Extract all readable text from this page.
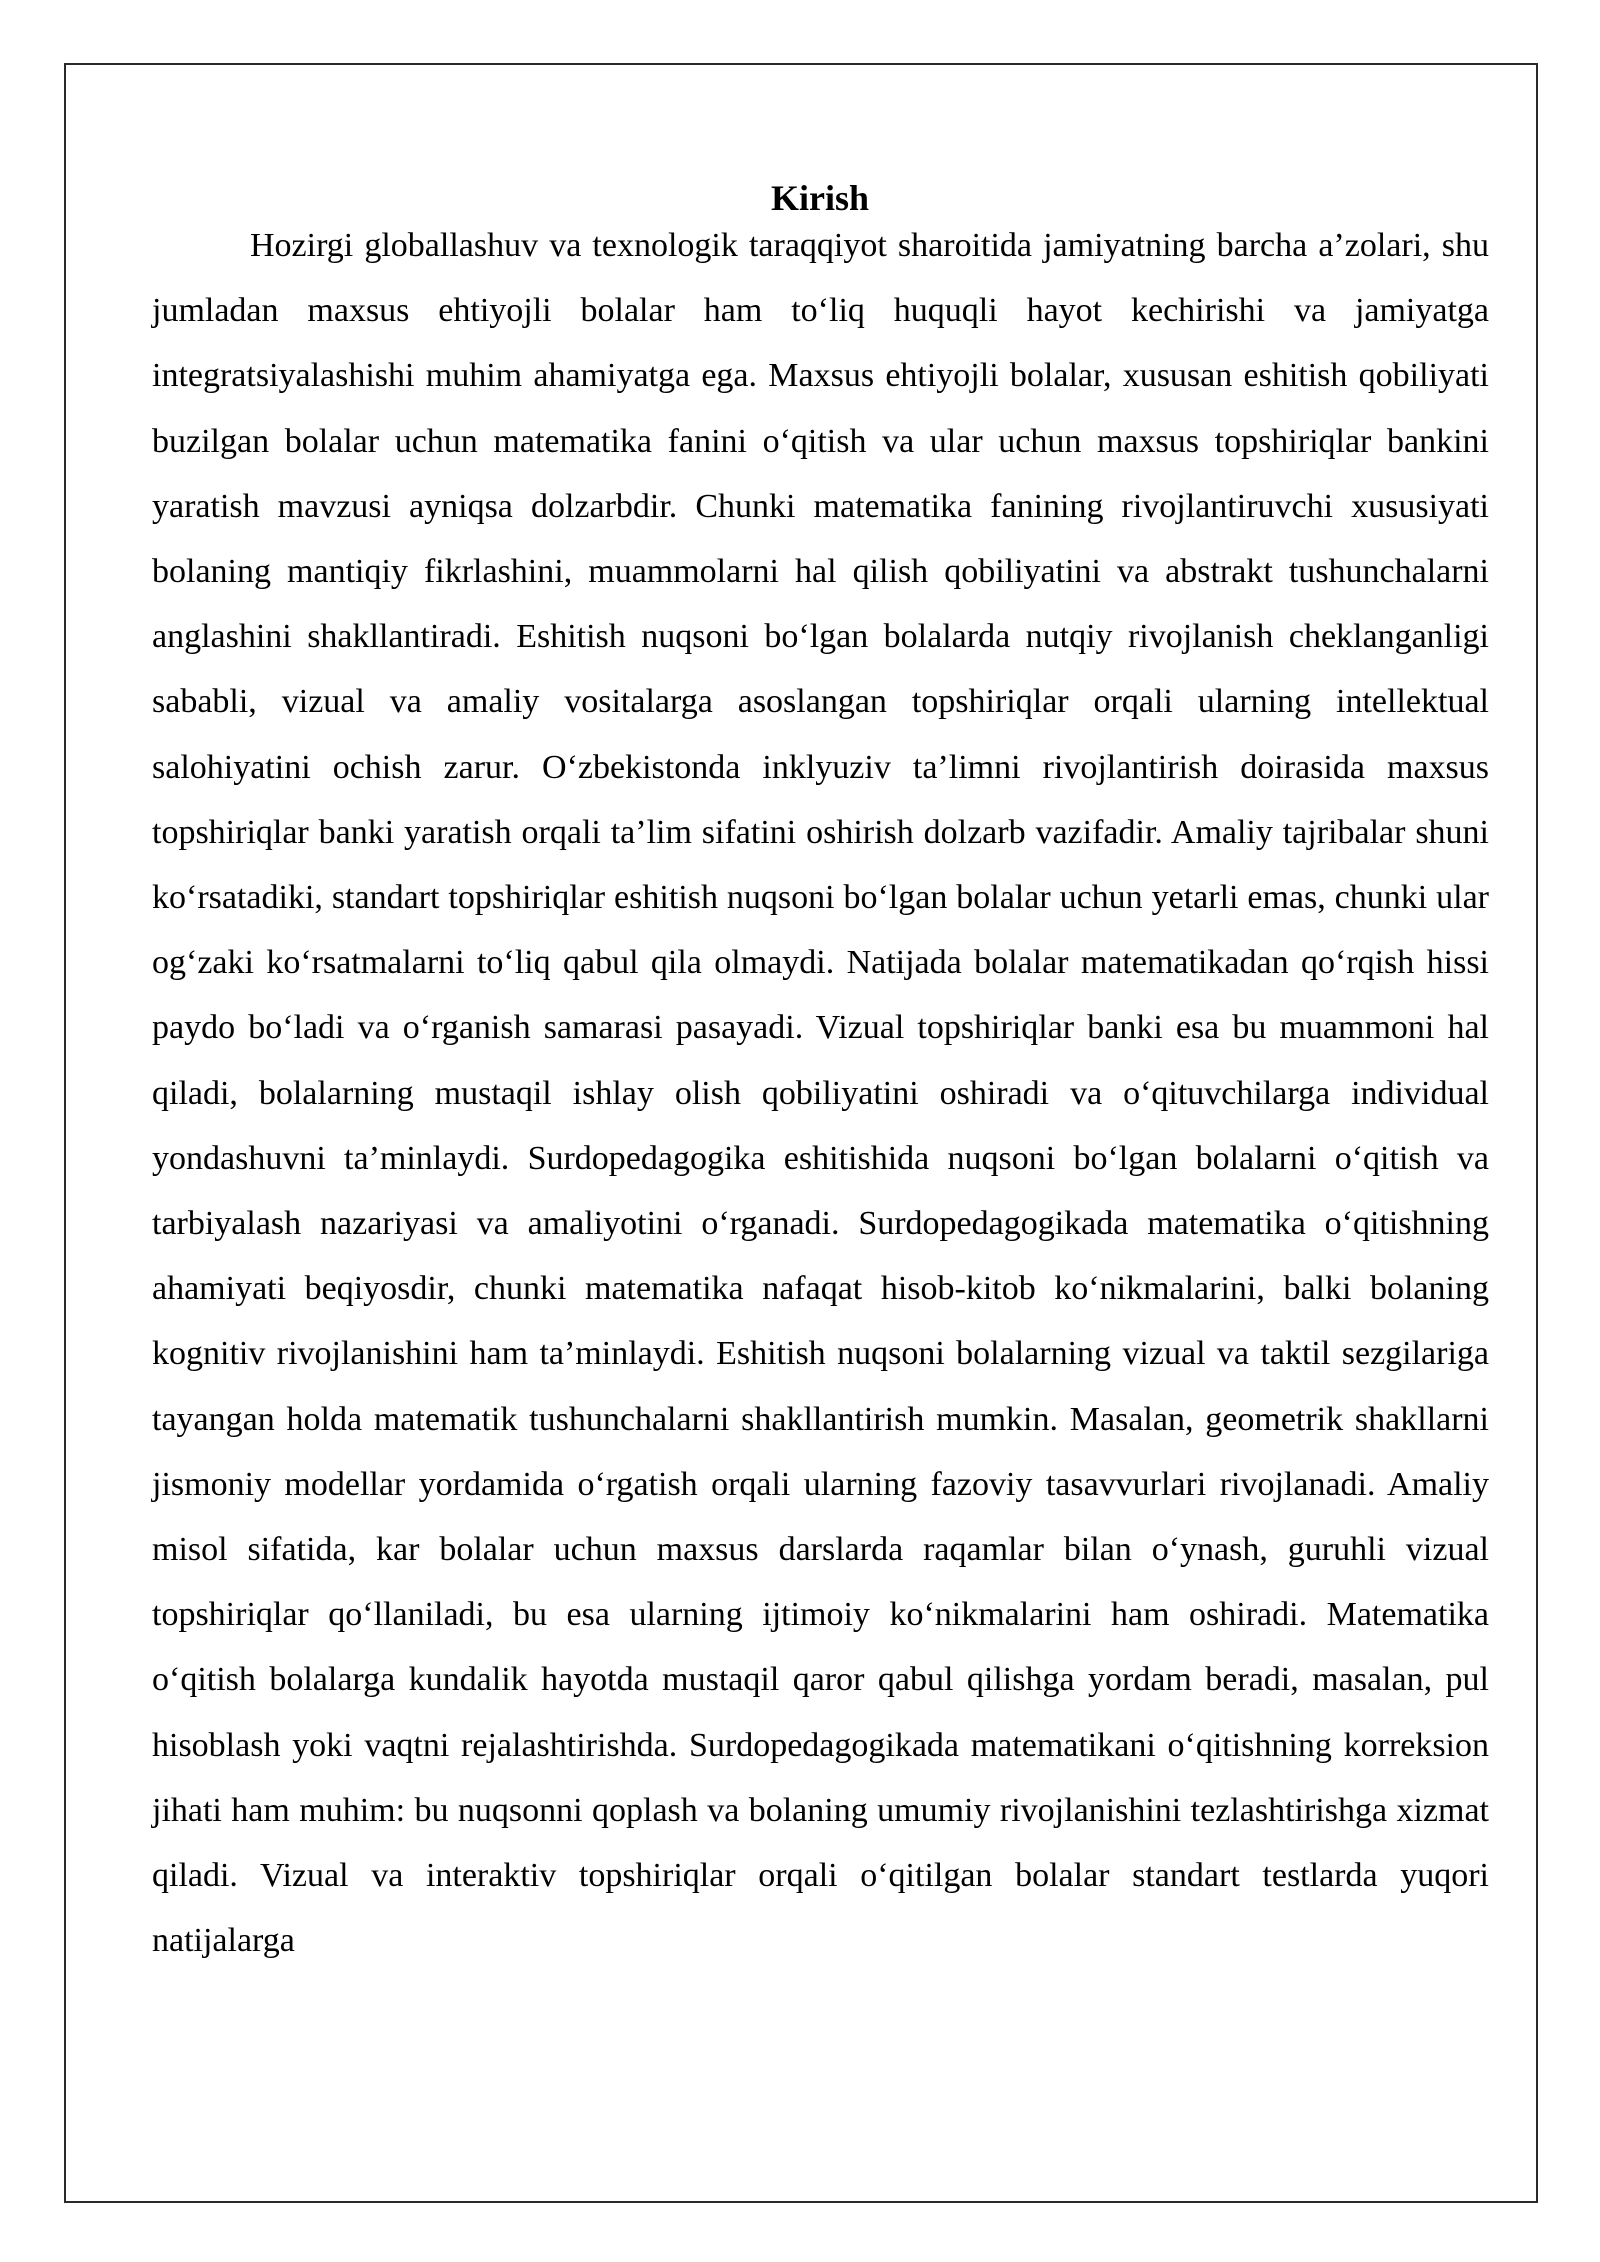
Kirish

Hozirgi globallashuv va texnologik taraqqiyot sharoitida jamiyatning barcha a’zolari, shu jumladan maxsus ehtiyojli bolalar ham to‘liq huquqli hayot kechirishi va jamiyatga integratsiyalashishi muhim ahamiyatga ega. Maxsus ehtiyojli bolalar, xususan eshitish qobiliyati buzilgan bolalar uchun matematika fanini o‘qitish va ular uchun maxsus topshiriqlar bankini yaratish mavzusi ayniqsa dolzarbdir. Chunki matematika fanining rivojlantiruvchi xususiyati bolaning mantiqiy fikrlashini, muammolarni hal qilish qobiliyatini va abstrakt tushunchalarni anglashini shakllantiradi. Eshitish nuqsoni bo‘lgan bolalarda nutqiy rivojlanish cheklanganligi sababli, vizual va amaliy vositalarga asoslangan topshiriqlar orqali ularning intellektual salohiyatini ochish zarur. O‘zbekistonda inklyuziv ta’limni rivojlantirish doirasida maxsus topshiriqlar banki yaratish orqali ta’lim sifatini oshirish dolzarb vazifadir. Amaliy tajribalar shuni ko‘rsatadiki, standart topshiriqlar eshitish nuqsoni bo‘lgan bolalar uchun yetarli emas, chunki ular og‘zaki ko‘rsatmalarni to‘liq qabul qila olmaydi. Natijada bolalar matematikadan qo‘rqish hissi paydo bo‘ladi va o‘rganish samarasi pasayadi. Vizual topshiriqlar banki esa bu muammoni hal qiladi, bolalarning mustaqil ishlay olish qobiliyatini oshiradi va o‘qituvchilarga individual yondashuvni ta’minlaydi. Surdopedagogika eshitishida nuqsoni bo‘lgan bolalarni o‘qitish va tarbiyalash nazariyasi va amaliyotini o‘rganadi. Surdopedagogikada matematika o‘qitishning ahamiyati beqiyosdir, chunki matematika nafaqat hisob-kitob ko‘nikmalarini, balki bolaning kognitiv rivojlanishini ham ta’minlaydi. Eshitish nuqsoni bolalarning vizual va taktil sezgilariga tayangan holda matematik tushunchalarni shakllantirish mumkin. Masalan, geometrik shakllarni jismoniy modellar yordamida o‘rgatish orqali ularning fazoviy tasavvurlari rivojlanadi. Amaliy misol sifatida, kar bolalar uchun maxsus darslarda raqamlar bilan o‘ynash, guruhli vizual topshiriqlar qo‘llaniladi, bu esa ularning ijtimoiy ko‘nikmalarini ham oshiradi. Matematika o‘qitish bolalarga kundalik hayotda mustaqil qaror qabul qilishga yordam beradi, masalan, pul hisoblash yoki vaqtni rejalashtirishda. Surdopedagogikada matematikani o‘qitishning korreksion jihati ham muhim: bu nuqsonni qoplash va bolaning umumiy rivojlanishini tezlashtirishga xizmat qiladi. Vizual va interaktiv topshiriqlar orqali o‘qitilgan bolalar standart testlarda yuqori natijalarga
